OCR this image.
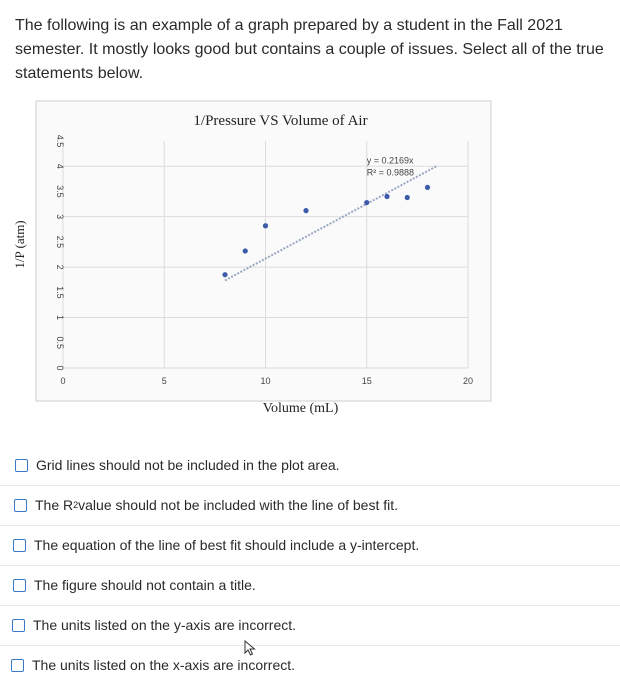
The following is an example of a graph prepared by a student in the Fall 2021 semester. It mostly looks good but contains a couple of issues. Select all of the true statements below.
1/Pressure VS Volume of Air
0
0.5
1
1.5
2
2.5
3
3.5
4
4.5
0	5	10	15	20
Volume (mL)
1/P (atm)
y = 0.2169x
R² = 0.9888
Grid lines should not be included in the plot area.
The R 2 value should not be included with the line of best fit.
The equation of the line of best fit should include a y-intercept.
The figure should not contain a title.
The units listed on the y-axis are incorrect.
The units listed on the x-axis are incorrect.
